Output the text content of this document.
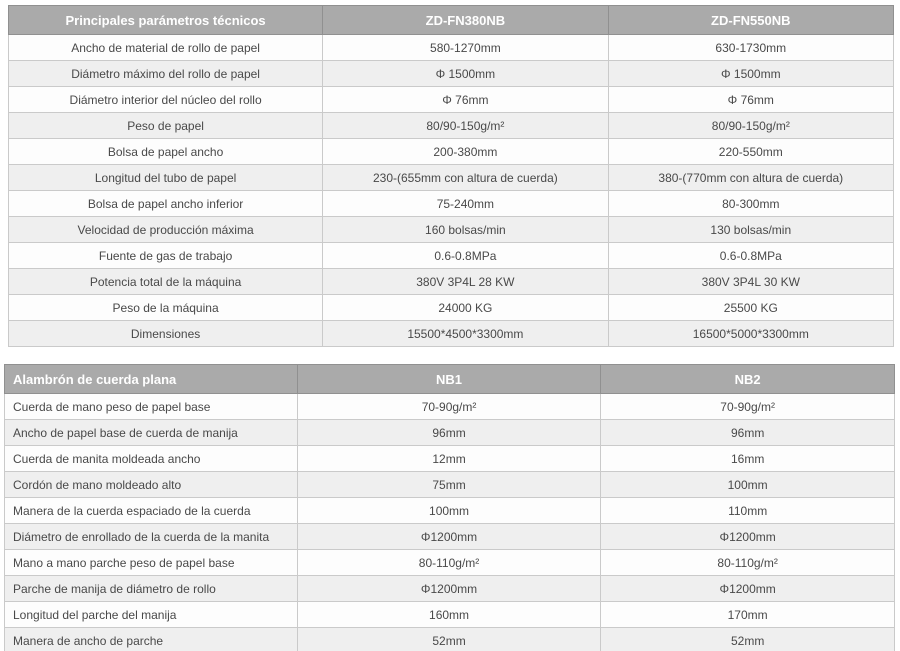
Principales parámetros técnicos	ZD-FN380NB	ZD-FN550NB
Ancho de material de rollo de papel	580-1270mm	630-1730mm
Diámetro máximo del rollo de papel	Φ 1500mm	Φ 1500mm
Diámetro interior del núcleo del rollo	Φ 76mm	Φ 76mm
Peso de papel	80/90-150g/m²	80/90-150g/m²
Bolsa de papel ancho	200-380mm	220-550mm
Longitud del tubo de papel	230-(655mm con altura de cuerda)	380-(770mm con altura de cuerda)
Bolsa de papel ancho inferior	75-240mm	80-300mm
Velocidad de producción máxima	160 bolsas/min	130 bolsas/min
Fuente de gas de trabajo	0.6-0.8MPa	0.6-0.8MPa
Potencia total de la máquina	380V 3P4L 28 KW	380V 3P4L 30 KW
Peso de la máquina	24000 KG	25500 KG
Dimensiones	15500*4500*3300mm	16500*5000*3300mm
Alambrón de cuerda plana	NB1	NB2
Cuerda de mano peso de papel base	70-90g/m²	70-90g/m²
Ancho de papel base de cuerda de manija	96mm	96mm
Cuerda de manita moldeada ancho	12mm	16mm
Cordón de mano moldeado alto	75mm	100mm
Manera de la cuerda espaciado de la cuerda	100mm	110mm
Diámetro de enrollado de la cuerda de la manita	Φ1200mm	Φ1200mm
Mano a mano parche peso de papel base	80-110g/m²	80-110g/m²
Parche de manija de diámetro de rollo	Φ1200mm	Φ1200mm
Longitud del parche del manija	160mm	170mm
Manera de ancho de parche	52mm	52mm
